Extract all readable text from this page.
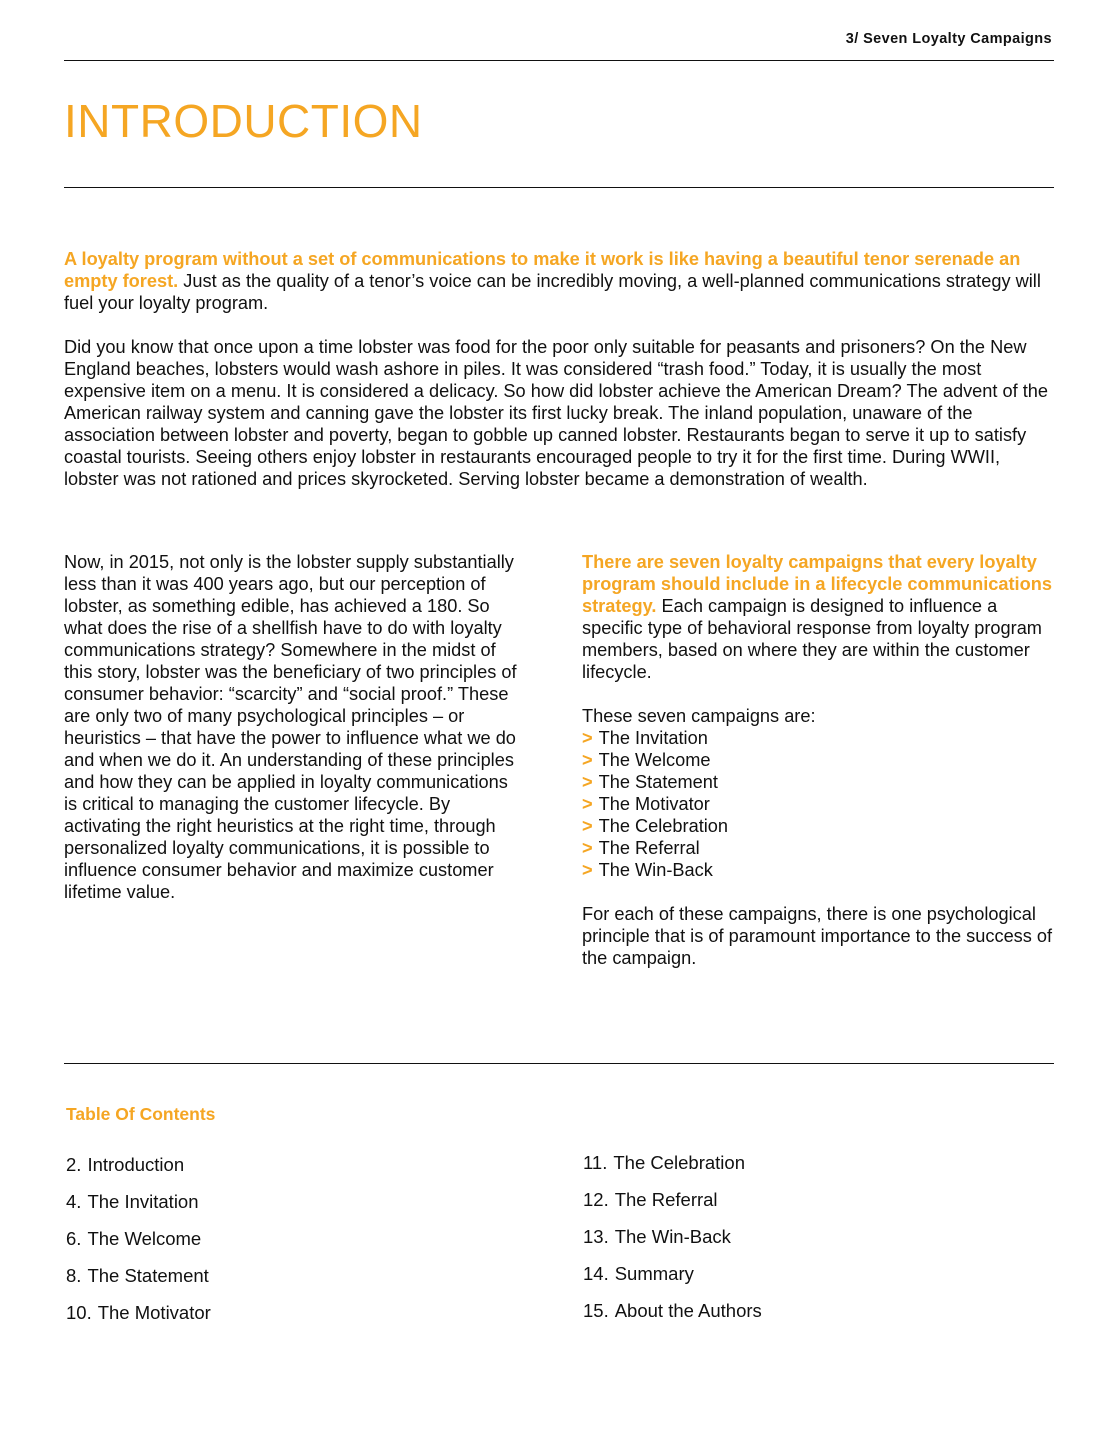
3/ Seven Loyalty Campaigns
INTRODUCTION

A loyalty program without a set of communications to make it work is like having a beautiful tenor serenade an empty forest. Just as the quality of a tenor’s voice can be incredibly moving, a well-planned communications strategy will fuel your loyalty program.

Did you know that once upon a time lobster was food for the poor only suitable for peasants and prisoners? On the New England beaches, lobsters would wash ashore in piles. It was considered “trash food.” Today, it is usually the most expensive item on a menu. It is considered a delicacy. So how did lobster achieve the American Dream? The advent of the American railway system and canning gave the lobster its first lucky break. The inland population, unaware of the association between lobster and poverty, began to gobble up canned lobster. Restaurants began to serve it up to satisfy coastal tourists. Seeing others enjoy lobster in restaurants encouraged people to try it for the first time. During WWII, lobster was not rationed and prices skyrocketed. Serving lobster became a demonstration of wealth.

Now, in 2015, not only is the lobster supply substantially less than it was 400 years ago, but our perception of lobster, as something edible, has achieved a 180. So what does the rise of a shellfish have to do with loyalty communications strategy? Somewhere in the midst of this story, lobster was the beneficiary of two principles of consumer behavior: “scarcity” and “social proof.” These are only two of many psychological principles – or heuristics – that have the power to influence what we do and when we do it. An understanding of these principles and how they can be applied in loyalty communications is critical to managing the customer lifecycle. By activating the right heuristics at the right time, through personalized loyalty communications, it is possible to influence consumer behavior and maximize customer lifetime value.

There are seven loyalty campaigns that every loyalty program should include in a lifecycle communications strategy. Each campaign is designed to influence a specific type of behavioral response from loyalty program members, based on where they are within the customer lifecycle.

These seven campaigns are:

> The Invitation
> The Welcome
> The Statement
> The Motivator
> The Celebration
> The Referral
> The Win-Back

For each of these campaigns, there is one psychological principle that is of paramount importance to the success of the campaign.

Table Of Contents
2. Introduction
4. The Invitation
6. The Welcome
8. The Statement
10. The Motivator
11. The Celebration
12. The Referral
13. The Win-Back
14. Summary
15. About the Authors
